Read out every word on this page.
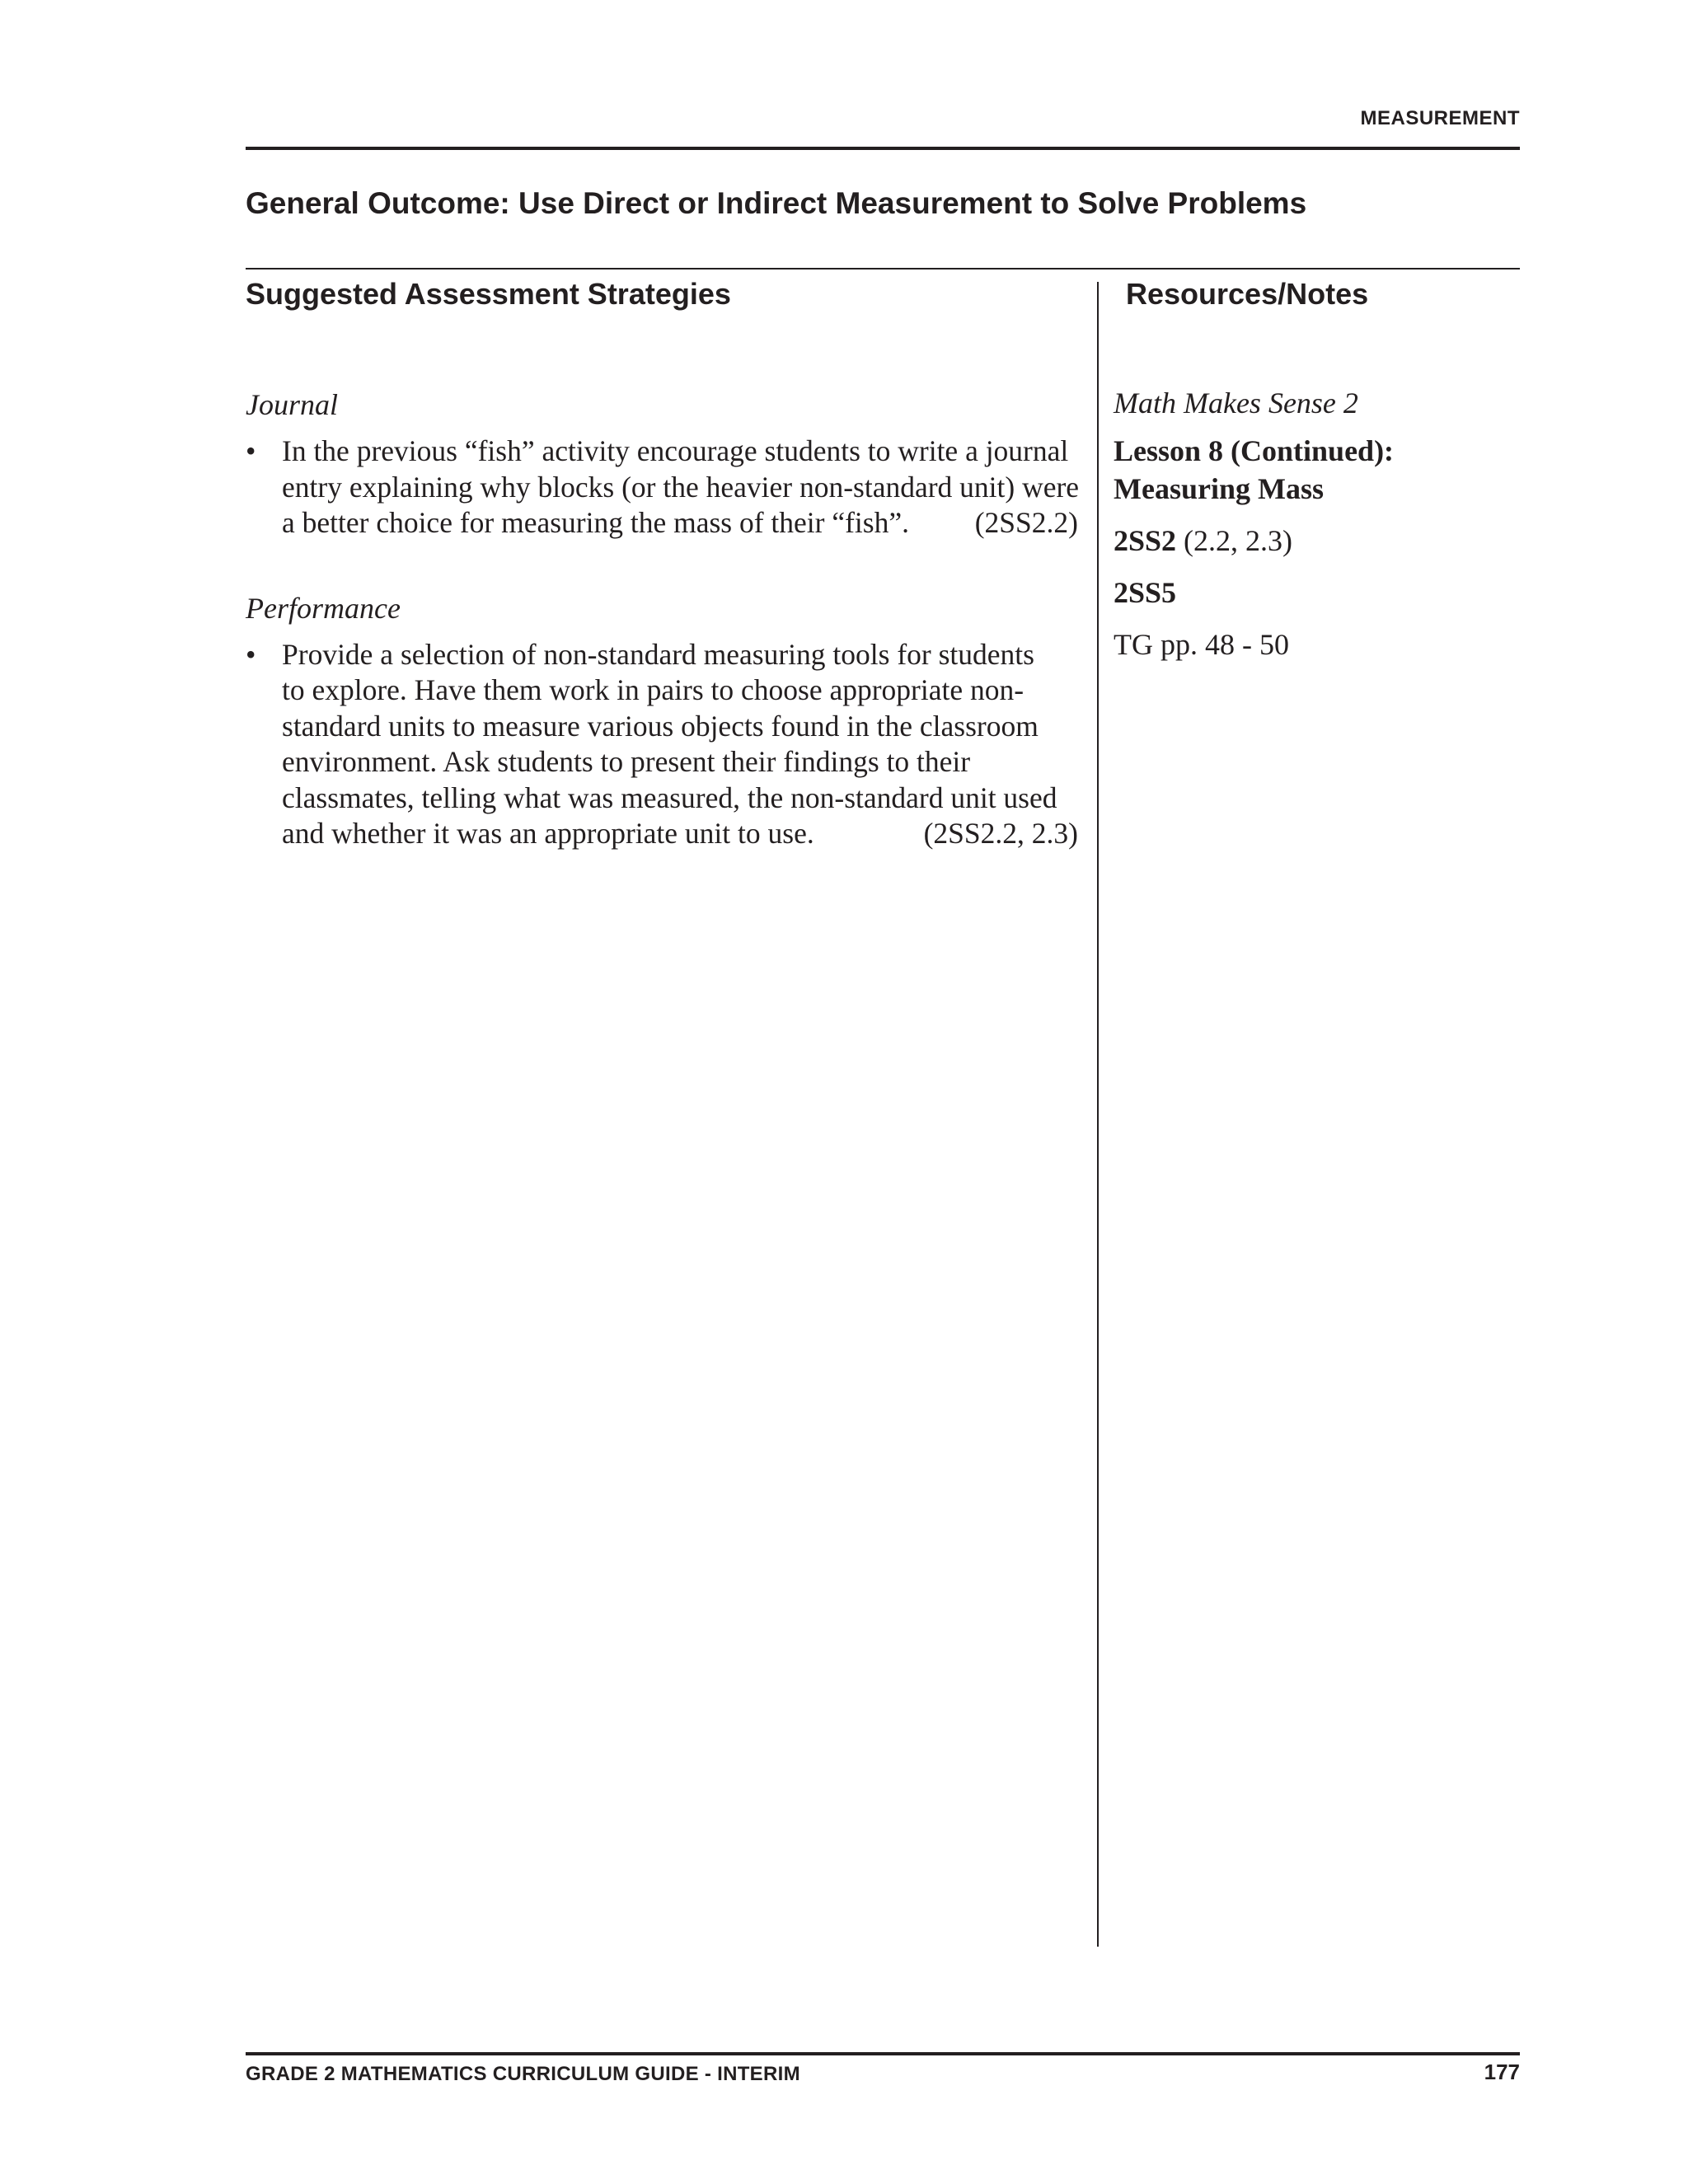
MEASUREMENT
General Outcome: Use Direct or Indirect Measurement to Solve Problems
Suggested Assessment Strategies	Resources/Notes
Journal
• In the previous “fish” activity encourage students to write a journal
entry explaining why blocks (or the heavier non-standard unit) were
a better choice for measuring the mass of their “fish”. (2SS2.2)
Performance
• Provide a selection of non-standard measuring tools for students
to explore. Have them work in pairs to choose appropriate non-
standard units to measure various objects found in the classroom
environment. Ask students to present their findings to their
classmates, telling what was measured, the non-standard unit used
and whether it was an appropriate unit to use.	(2SS2.2, 2.3)
Math Makes Sense 2
Lesson 8 (Continued):
Measuring Mass
2SS2 (2.2, 2.3)
2SS5
TG pp. 48 - 50
GRADE 2 MATHEMATICS CURRICULUM GUIDE - INTERIM	177
